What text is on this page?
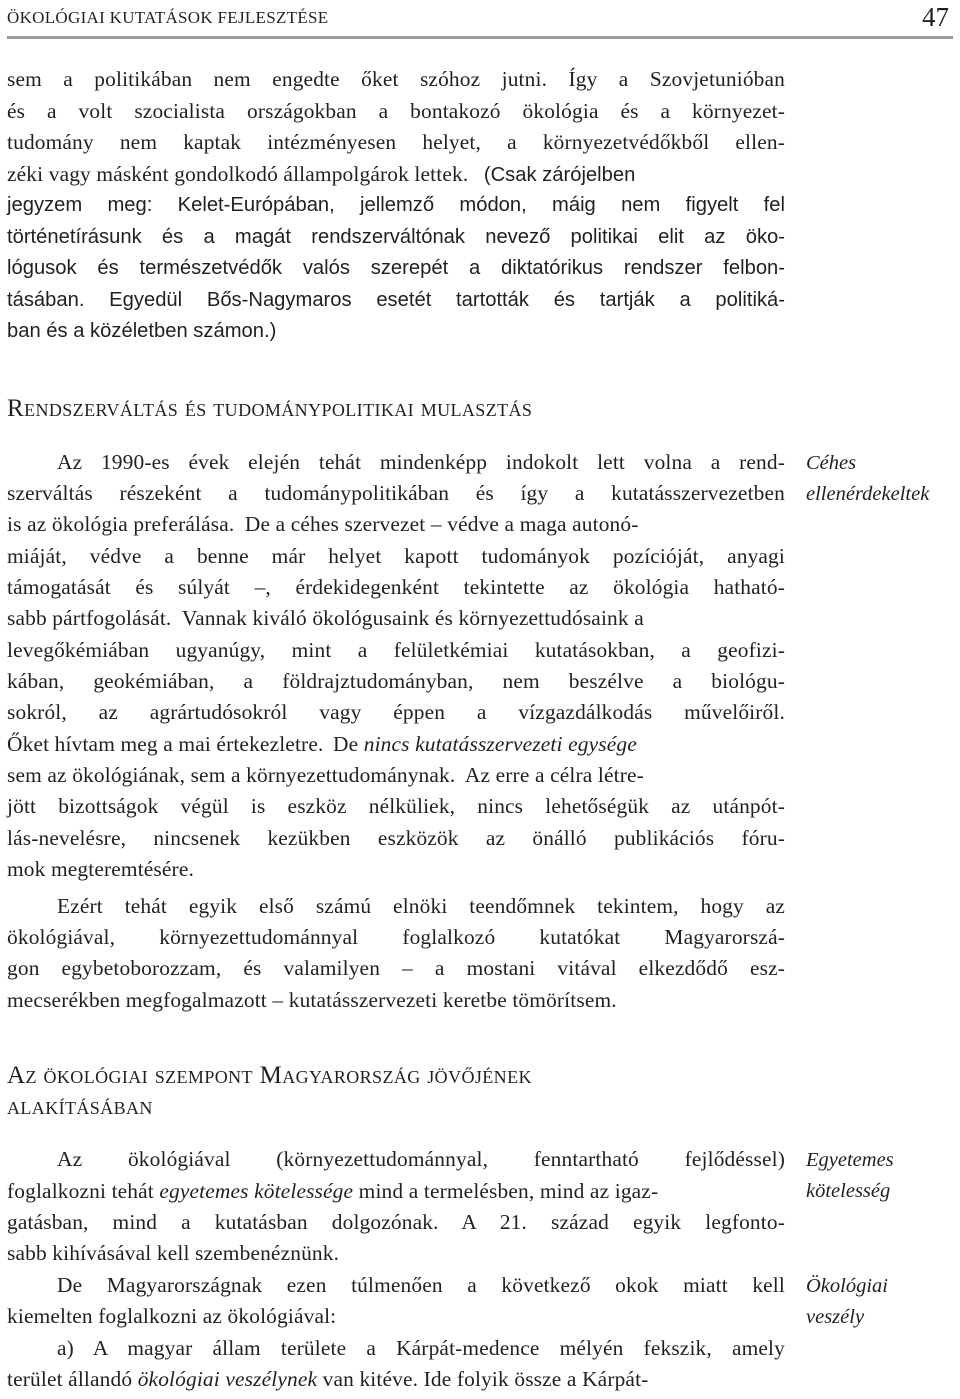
ÖKOLÓGIAI KUTATÁSOK FEJLESZTÉSE	47
sem a politikában nem engedte őket szóhoz jutni. Így a Szovjetunióban
és a volt szocialista országokban a bontakozó ökológia és a környezet-
tudomány nem kaptak intézményesen helyet, a környezetvédőkből ellen-
zéki vagy másként gondolkodó állampolgárok lettek. (Csak zárójelben
jegyzem meg: Kelet-Európában, jellemző módon, máig nem figyelt fel
történetírásunk és a magát rendszerváltónak nevező politikai elit az öko-
lógusok és természetvédők valós szerepét a diktatórikus rendszer felbon-
tásában. Egyedül Bős-Nagymaros esetét tartották és tartják a politiká-
ban és a közéletben számon.)
Rendszerváltás és tudománypolitikai mulasztás
Céhes
ellenérdekeltek
Az 1990-es évek elején tehát mindenképp indokolt lett volna a rend-
szerváltás részeként a tudománypolitikában és így a kutatásszervezetben
is az ökológia preferálása. De a céhes szervezet – védve a maga autonó-
miáját, védve a benne már helyet kapott tudományok pozícióját, anyagi
támogatását és súlyát –, érdekidegenként tekintette az ökológia hatható-
sabb pártfogolását. Vannak kiváló ökológusaink és környezettudósaink a
levegőkémiában ugyanúgy, mint a felületkémiai kutatásokban, a geofizi-
kában, geokémiában, a földrajztudományban, nem beszélve a biológu-
sokról, az agrártudósokról vagy éppen a vízgazdálkodás művelőiről.
Őket hívtam meg a mai értekezletre. De nincs kutatásszervezeti egysége
sem az ökológiának, sem a környezettudománynak. Az erre a célra létre-
jött bizottságok végül is eszköz nélküliek, nincs lehetőségük az utánpót-
lás-nevelésre, nincsenek kezükben eszközök az önálló publikációs fóru-
mok megteremtésére.
Ezért tehát egyik első számú elnöki teendőmnek tekintem, hogy az
ökológiával, környezettudománnyal foglalkozó kutatókat Magyarorszá-
gon egybetoborozzam, és valamilyen – a mostani vitával elkezdődő esz-
mecserékben megfogalmazott – kutatásszervezeti keretbe tömörítsem.
Az ökológiai szempont Magyarország jövőjének
alakításában
Egyetemes
kötelesség
Ökológiai
veszély
Az ökológiával (környezettudománnyal, fenntartható fejlődéssel)
foglalkozni tehát egyetemes kötelessége mind a termelésben, mind az igaz-
gatásban, mind a kutatásban dolgozónak. A 21. század egyik legfonto-
sabb kihívásával kell szembenéznünk.
De Magyarországnak ezen túlmenően a következő okok miatt kell
kiemelten foglalkozni az ökológiával:
a) A magyar állam területe a Kárpát-medence mélyén fekszik, amely
terület állandó ökológiai veszélynek van kitéve. Ide folyik össze a Kárpát-
